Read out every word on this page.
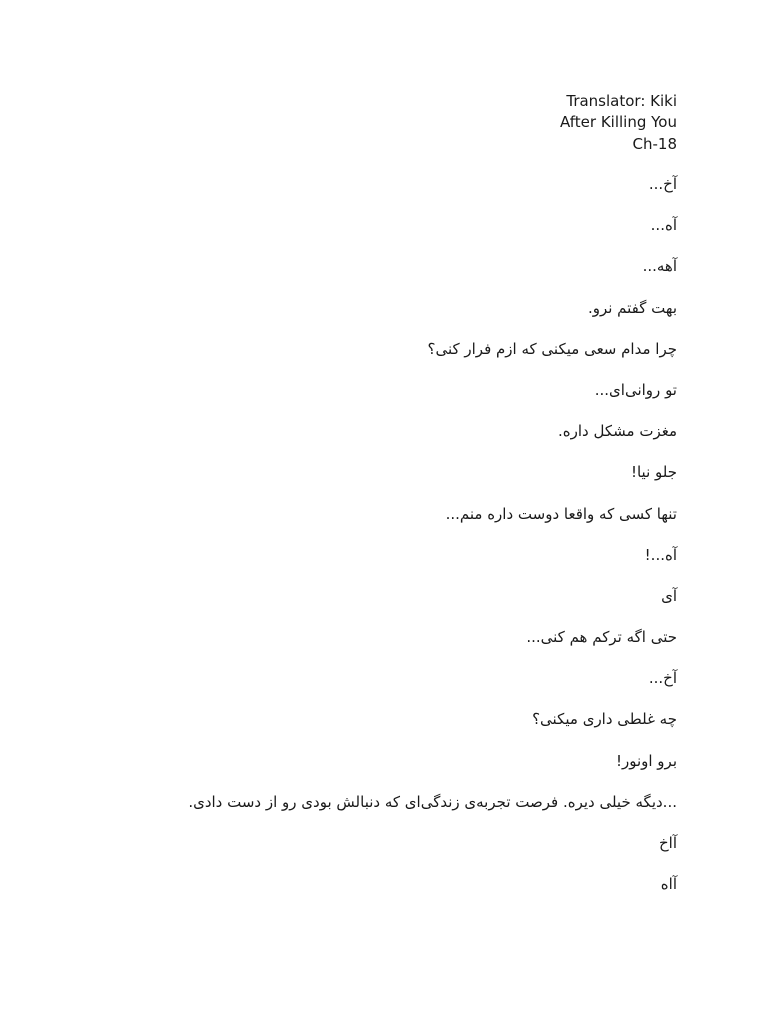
Translator: Kiki
After Killing You
Ch-18
آخ...
آه...
آهه...
بهت گفتم نرو.
چرا مدام سعی میکنی که ازم فرار کنی؟
تو روانی‌ای...
مغزت مشکل داره.
جلو نیا!
تنها کسی که واقعا دوست داره منم...
آه...!
آی
حتی اگه ترکم هم کنی...
آخ...
چه غلطی داری میکنی؟
برو اونور!
...دیگه خیلی دیره. فرصت تجربه‌ی زندگی‌ای که دنبالش بودی رو از دست دادی.
آاخ
آاه
